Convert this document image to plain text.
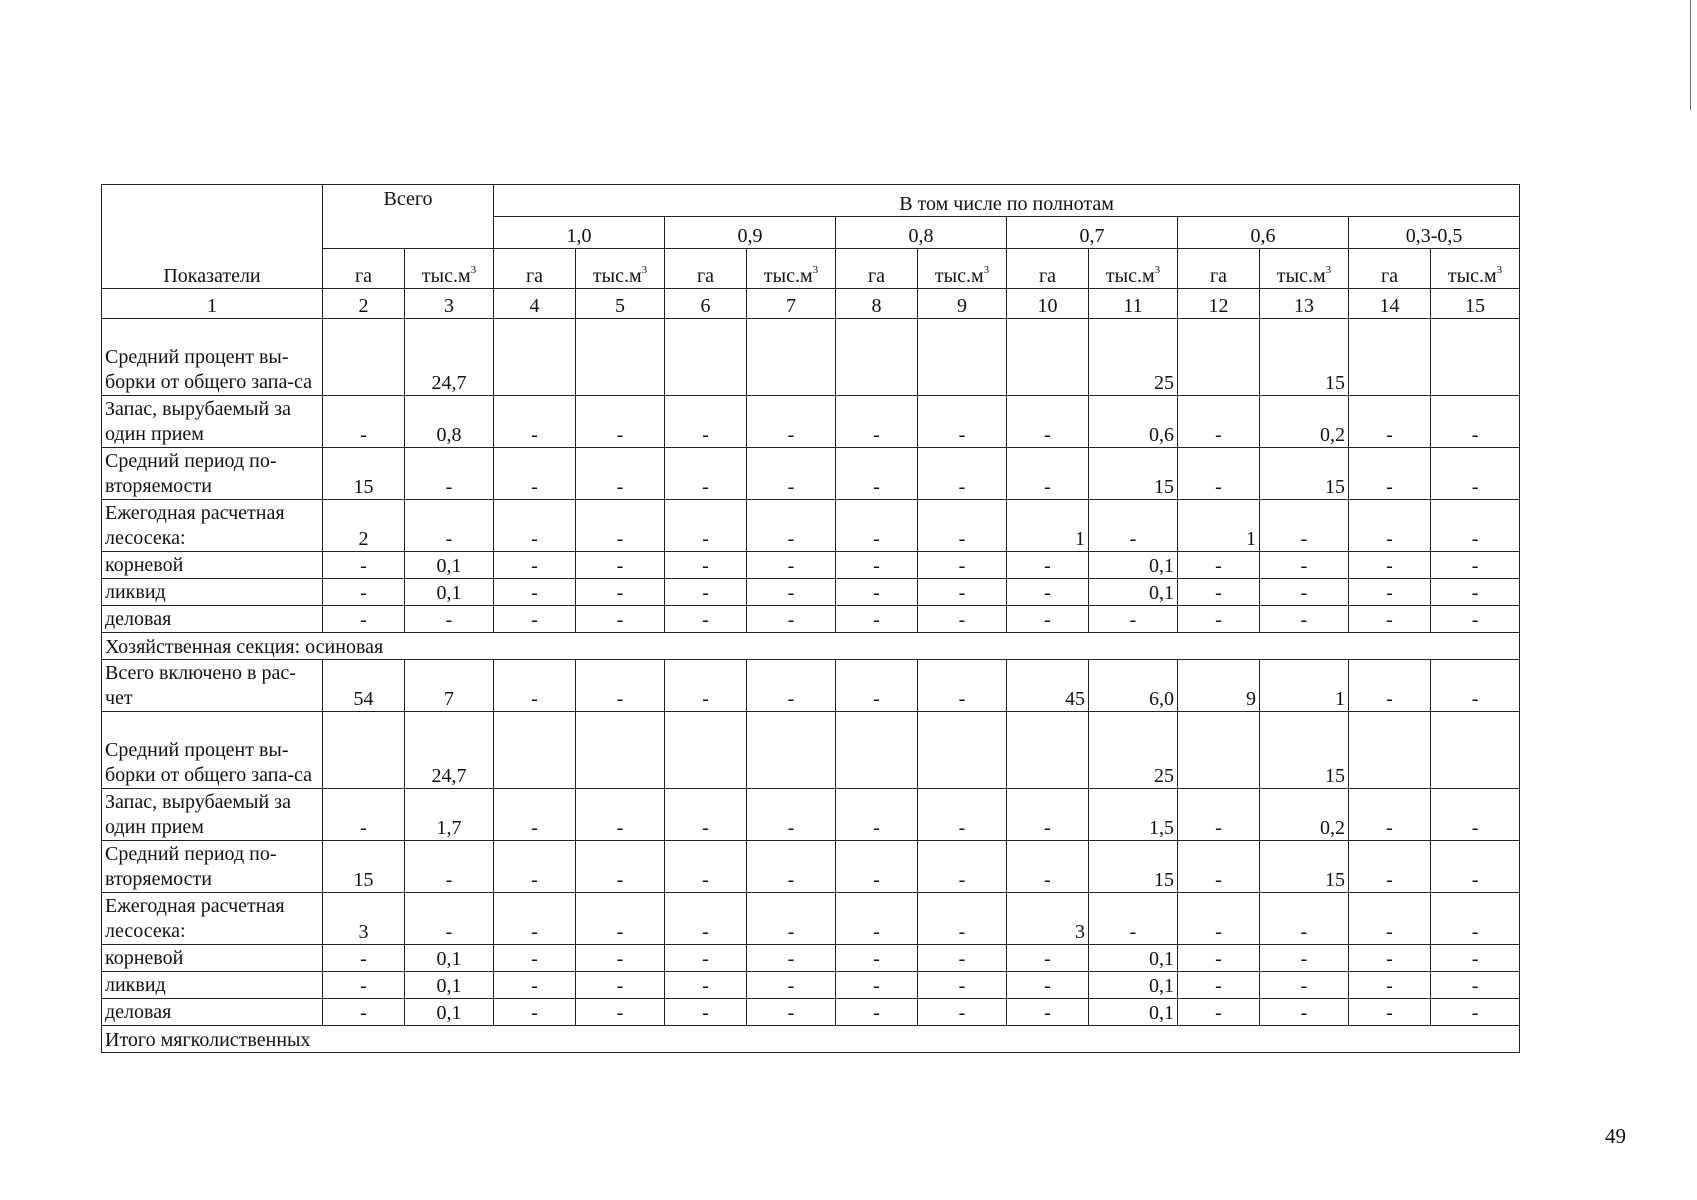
Показатели	Всего		В том числе по полнотам											
			1,0		0,9		0,8		0,7		0,6		0,3-0,5	
	га	$тыс.м^3$	га	$тыс.м^3$	га	$тыс.м^3$	га	$тыс.м^3$	га	$тыс.м^3$	га	$тыс.м^3$	га	$тыс.м^3$
1	2	3	4	5	6	7	8	9	10	11	12	13	14	15
Средний процент вы-борки от общего запа-са		24,7								25		15		
Запас, вырубаемый за один прием	-	0,8	-	-	-	-	-	-	-	0,6	-	0,2	-	-
Средний период по-вторяемости	15	-	-	-	-	-	-	-	-	15	-	15	-	-
Ежегодная расчетная лесосека:	2	-	-	-	-	-	-	-	1	-	1	-	-	-
корневой	-	0,1	-	-	-	-	-	-	-	0,1	-	-	-	-
ликвид	-	0,1	-	-	-	-	-	-	-	0,1	-	-	-	-
деловая	-	-	-	-	-	-	-	-	-	-	-	-	-	-
Хозяйственная секция: осиновая														
Всего включено в рас-чет	54	7	-	-	-	-	-	-	45	6,0	9	1	-	-
Средний процент вы-борки от общего запа-са		24,7								25		15		
Запас, вырубаемый за один прием	-	1,7	-	-	-	-	-	-	-	1,5	-	0,2	-	-
Средний период по-вторяемости	15	-	-	-	-	-	-	-	-	15	-	15	-	-
Ежегодная расчетная лесосека:	3	-	-	-	-	-	-	-	3	-	-	-	-	-
корневой	-	0,1	-	-	-	-	-	-	-	0,1	-	-	-	-
ликвид	-	0,1	-	-	-	-	-	-	-	0,1	-	-	-	-
деловая	-	0,1	-	-	-	-	-	-	-	0,1	-	-	-	-
Итого мягколиственных														
49
